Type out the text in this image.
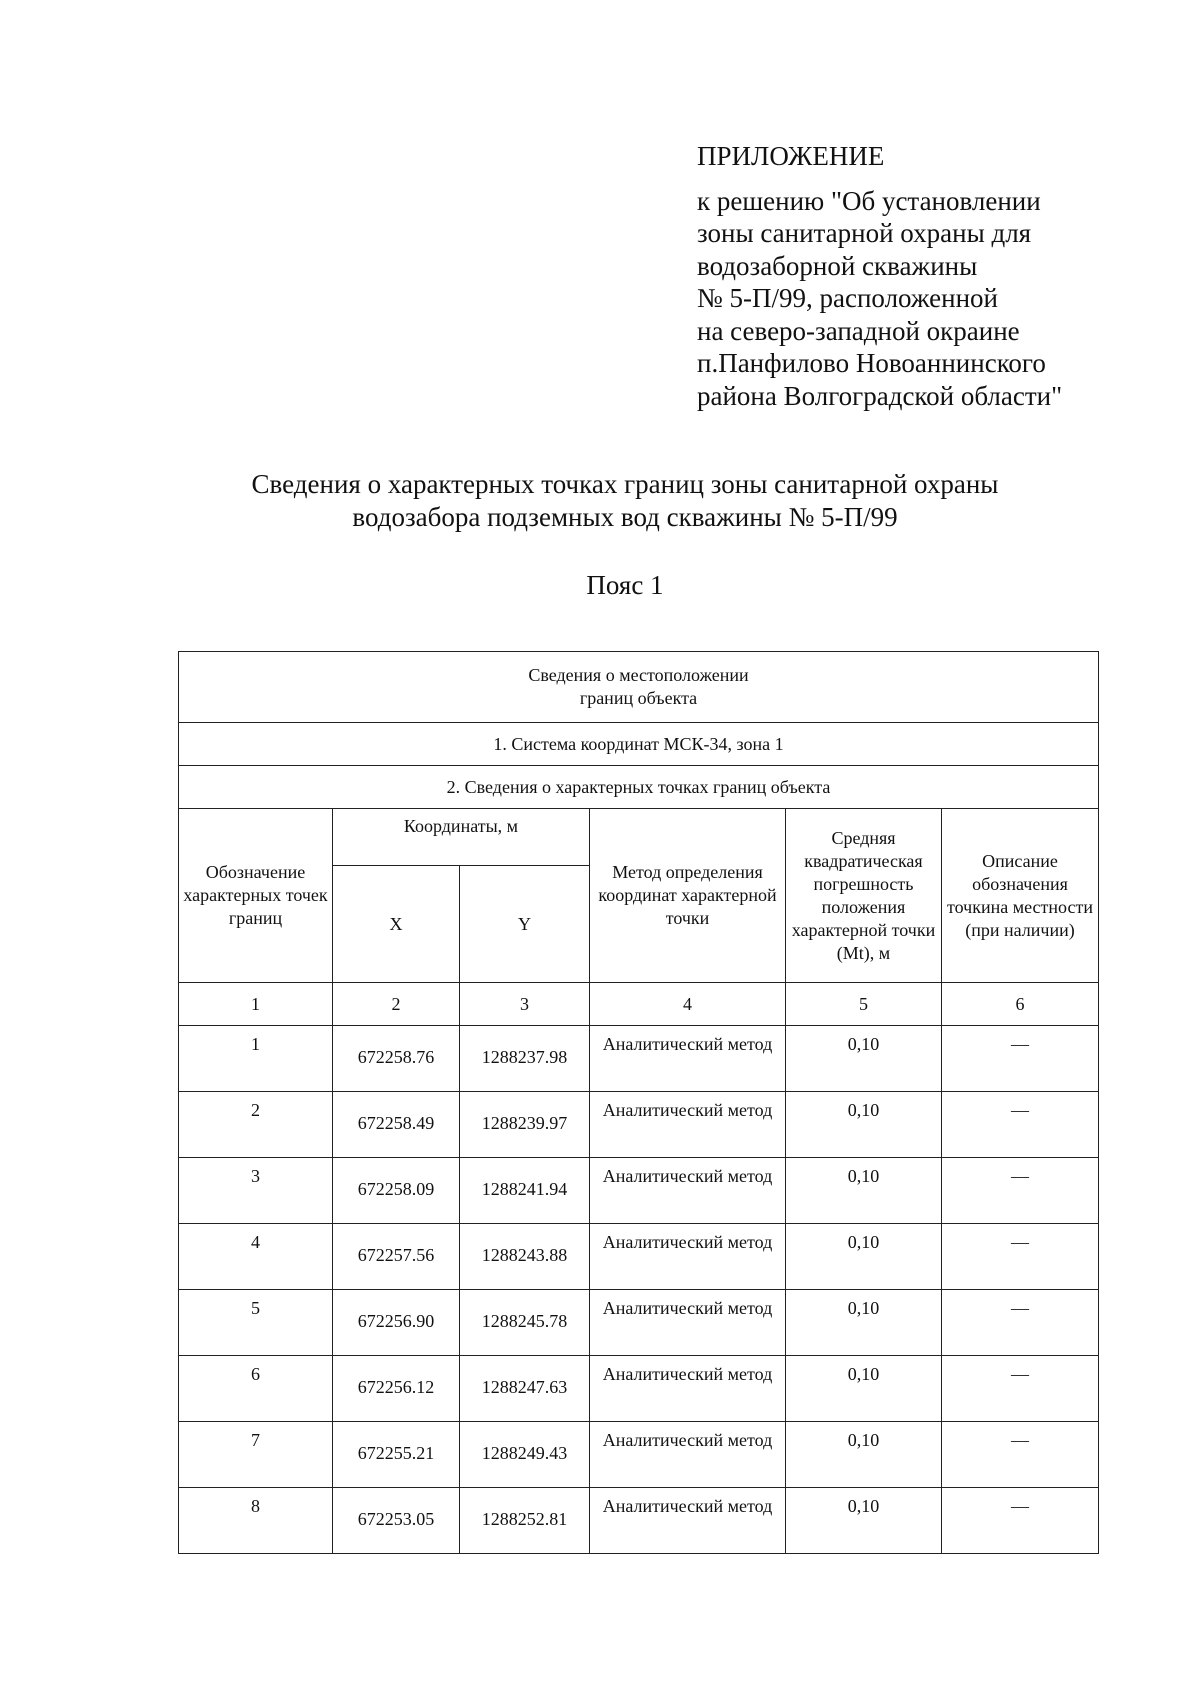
ПРИЛОЖЕНИЕ
к решению "Об установлении
зоны санитарной охраны для
водозаборной скважины
№ 5-П/99, расположенной
на северо-западной окраине
п.Панфилово Новоаннинского
района Волгоградской области"
Сведения о характерных точках границ зоны санитарной охраны
водозабора подземных вод скважины № 5-П/99
Пояс 1
Сведения о местоположении
границ объекта					
1. Система координат МСК-34, зона 1					
2. Сведения о характерных точках границ объекта					
Обозначение характерных точек границ	Координаты, м		Метод определения координат характерной точки	Средняя квадратическая погрешность положения характерной точки (Mt), м	Описание обозначения точкина местности (при наличии)
	X	Y			
1	2	3	4	5	6
1	672258.76	1288237.98	Аналитический метод	0,10	—
2	672258.49	1288239.97	Аналитический метод	0,10	—
3	672258.09	1288241.94	Аналитический метод	0,10	—
4	672257.56	1288243.88	Аналитический метод	0,10	—
5	672256.90	1288245.78	Аналитический метод	0,10	—
6	672256.12	1288247.63	Аналитический метод	0,10	—
7	672255.21	1288249.43	Аналитический метод	0,10	—
8	672253.05	1288252.81	Аналитический метод	0,10	—
